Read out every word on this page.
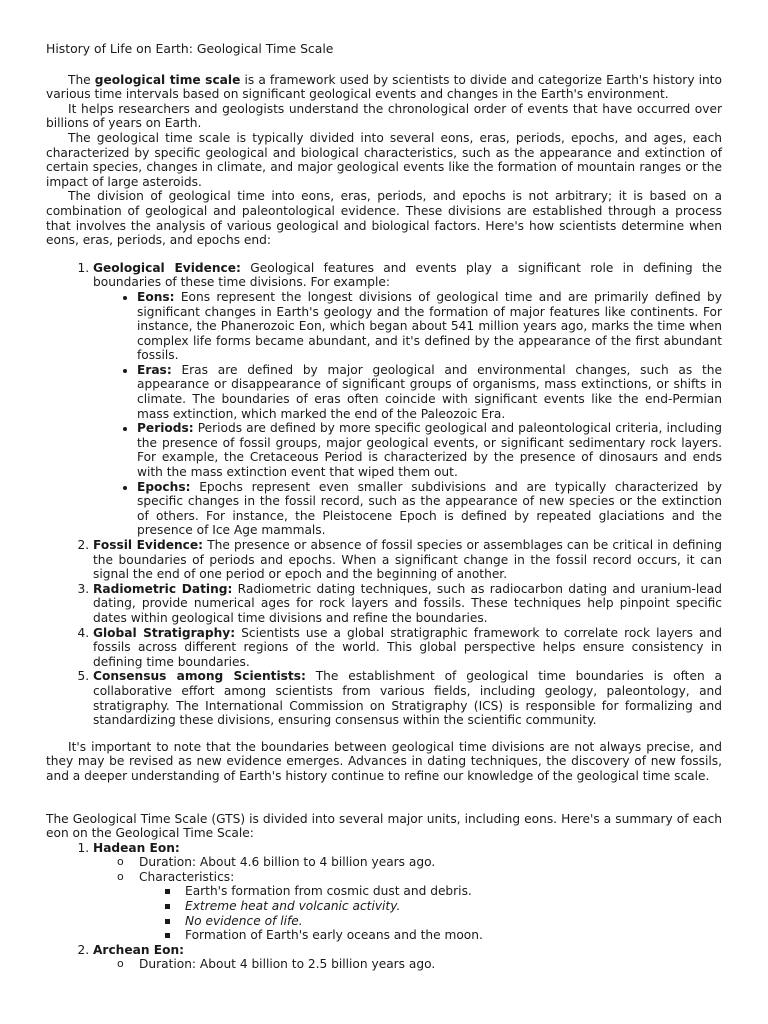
History of Life on Earth: Geological Time Scale

The geological time scale is a framework used by scientists to divide and categorize Earth's history into various time intervals based on significant geological events and changes in the Earth's environment.

It helps researchers and geologists understand the chronological order of events that have occurred over billions of years on Earth.

The geological time scale is typically divided into several eons, eras, periods, epochs, and ages, each characterized by specific geological and biological characteristics, such as the appearance and extinction of certain species, changes in climate, and major geological events like the formation of mountain ranges or the impact of large asteroids.

The division of geological time into eons, eras, periods, and epochs is not arbitrary; it is based on a combination of geological and paleontological evidence. These divisions are established through a process that involves the analysis of various geological and biological factors. Here's how scientists determine when eons, eras, periods, and epochs end:

1. Geological Evidence: Geological features and events play a significant role in defining the boundaries of these time divisions. For example:
• Eons: Eons represent the longest divisions of geological time and are primarily defined by significant changes in Earth's geology and the formation of major features like continents. For instance, the Phanerozoic Eon, which began about 541 million years ago, marks the time when complex life forms became abundant, and it's defined by the appearance of the first abundant fossils.
• Eras: Eras are defined by major geological and environmental changes, such as the appearance or disappearance of significant groups of organisms, mass extinctions, or shifts in climate. The boundaries of eras often coincide with significant events like the end-Permian mass extinction, which marked the end of the Paleozoic Era.
• Periods: Periods are defined by more specific geological and paleontological criteria, including the presence of fossil groups, major geological events, or significant sedimentary rock layers. For example, the Cretaceous Period is characterized by the presence of dinosaurs and ends with the mass extinction event that wiped them out.
• Epochs: Epochs represent even smaller subdivisions and are typically characterized by specific changes in the fossil record, such as the appearance of new species or the extinction of others. For instance, the Pleistocene Epoch is defined by repeated glaciations and the presence of Ice Age mammals.
2. Fossil Evidence: The presence or absence of fossil species or assemblages can be critical in defining the boundaries of periods and epochs. When a significant change in the fossil record occurs, it can signal the end of one period or epoch and the beginning of another.
3. Radiometric Dating: Radiometric dating techniques, such as radiocarbon dating and uranium-lead dating, provide numerical ages for rock layers and fossils. These techniques help pinpoint specific dates within geological time divisions and refine the boundaries.
4. Global Stratigraphy: Scientists use a global stratigraphic framework to correlate rock layers and fossils across different regions of the world. This global perspective helps ensure consistency in defining time boundaries.
5. Consensus among Scientists: The establishment of geological time boundaries is often a collaborative effort among scientists from various fields, including geology, paleontology, and stratigraphy. The International Commission on Stratigraphy (ICS) is responsible for formalizing and standardizing these divisions, ensuring consensus within the scientific community.

It's important to note that the boundaries between geological time divisions are not always precise, and they may be revised as new evidence emerges. Advances in dating techniques, the discovery of new fossils, and a deeper understanding of Earth's history continue to refine our knowledge of the geological time scale.

The Geological Time Scale (GTS) is divided into several major units, including eons. Here's a summary of each eon on the Geological Time Scale:

1. Hadean Eon:
o Duration: About 4.6 billion to 4 billion years ago.
o Characteristics:
Earth's formation from cosmic dust and debris.
Extreme heat and volcanic activity.
No evidence of life.
Formation of Earth's early oceans and the moon.
2. Archean Eon:
o Duration: About 4 billion to 2.5 billion years ago.
